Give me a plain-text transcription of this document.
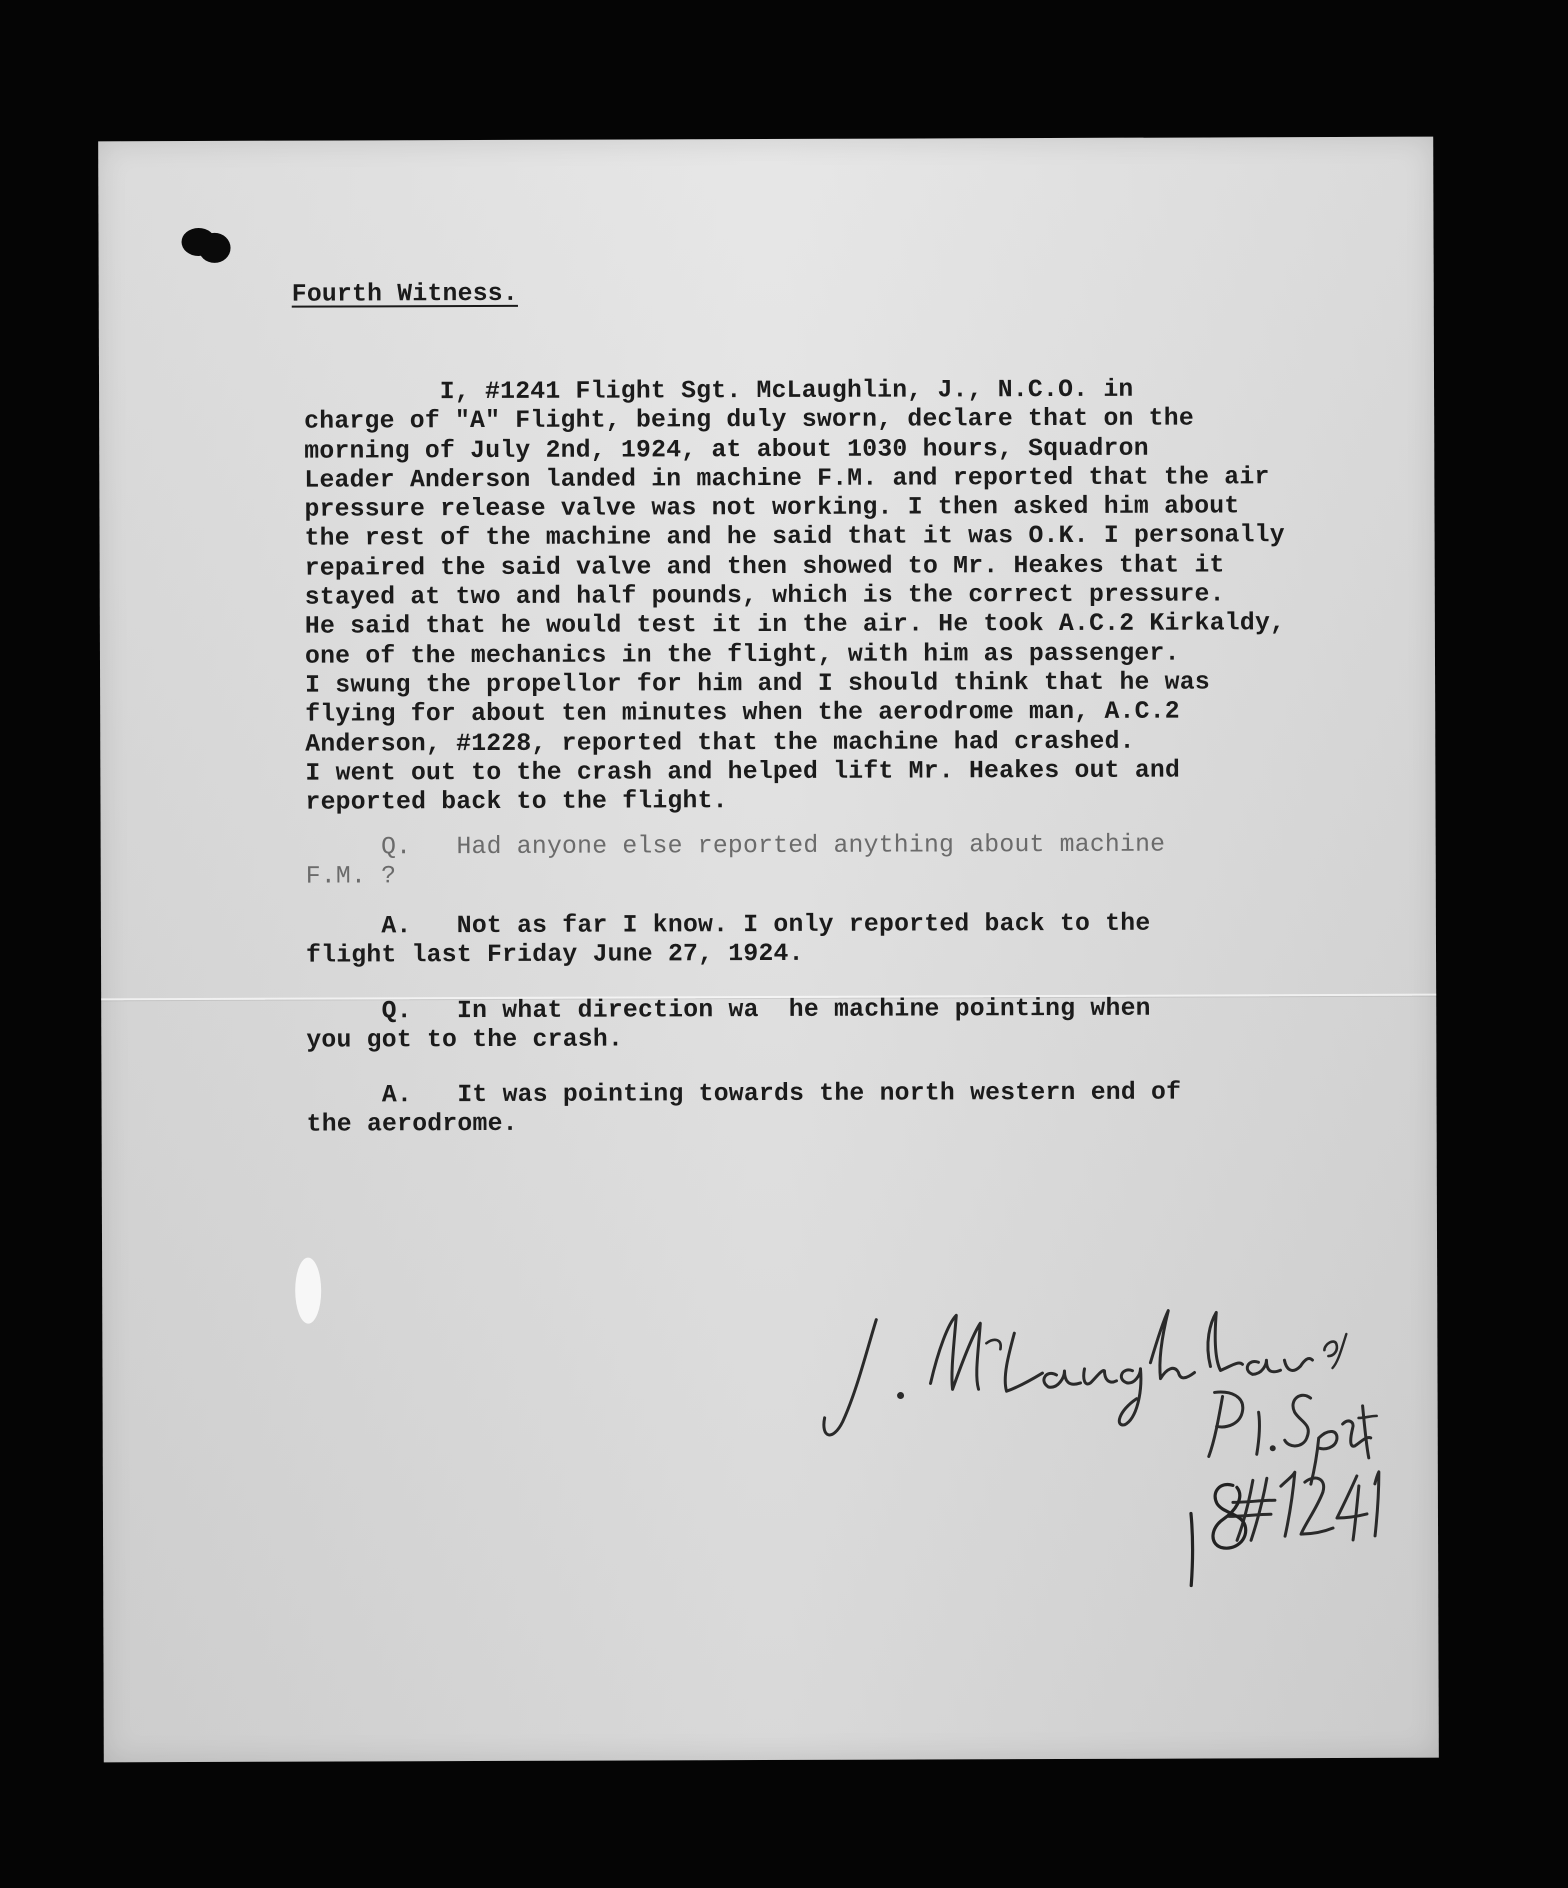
Fourth Witness.
I, #1241 Flight Sgt. McLaughlin, J., N.C.O. in
charge of "A" Flight, being duly sworn, declare that on the
morning of July 2nd, 1924, at about 1030 hours, Squadron
Leader Anderson landed in machine F.M. and reported that the air
pressure release valve was not working. I then asked him about
the rest of the machine and he said that it was O.K. I personally
repaired the said valve and then showed to Mr. Heakes that it
stayed at two and half pounds, which is the correct pressure.
He said that he would test it in the air. He took A.C.2 Kirkaldy,
one of the mechanics in the flight, with him as passenger.
I swung the propellor for him and I should think that he was
flying for about ten minutes when the aerodrome man, A.C.2
Anderson, #1228, reported that the machine had crashed.
I went out to the crash and helped lift Mr. Heakes out and
reported back to the flight.
Q.   Had anyone else reported anything about machine
F.M. ?
A.   Not as far I know. I only reported back to the
flight last Friday June 27, 1924.
Q.   In what direction wa  he machine pointing when
you got to the crash.
A.   It was pointing towards the north western end of
the aerodrome.
J. McLaughlan
